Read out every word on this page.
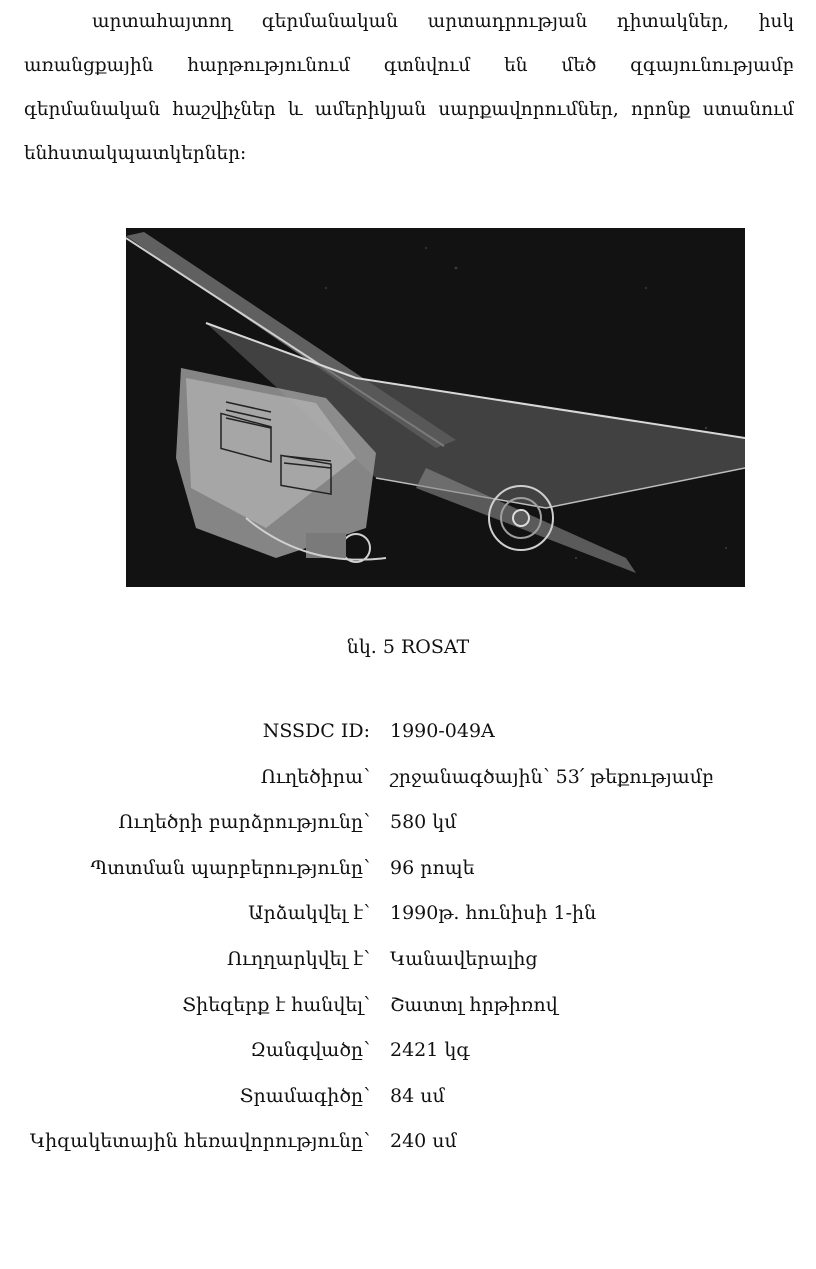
արտահայտող գերմանական արտադրության դիտակներ, իսկ
առանցքային հարթությունում գտնվում են մեծ զգայունությամբ
գերմանական հաշվիչներ և ամերիկյան սարքավորումներ, որոնք ստանում
են հստակ պատկերներ:
նկ. 5 ROSAT
NSSDC ID: 1990-049A
Ուղեծիրա՝ շրջանագծային՝ 53՛ թեքությամբ
Ուղեծրի բարձրությունը՝ 580 կմ
Պտտման պարբերությունը՝ 96 րոպե
Արձակվել է՝ 1990թ. հունիսի 1-ին
Ուղղարկվել է՝ Կանավերալից
Տիեզերք է հանվել՝ Շատտլ հրթիռով
Զանգվածը՝ 2421 կգ
Տրամագիծը՝ 84 սմ
Կիզակետային հեռավորությունը՝ 240 սմ
